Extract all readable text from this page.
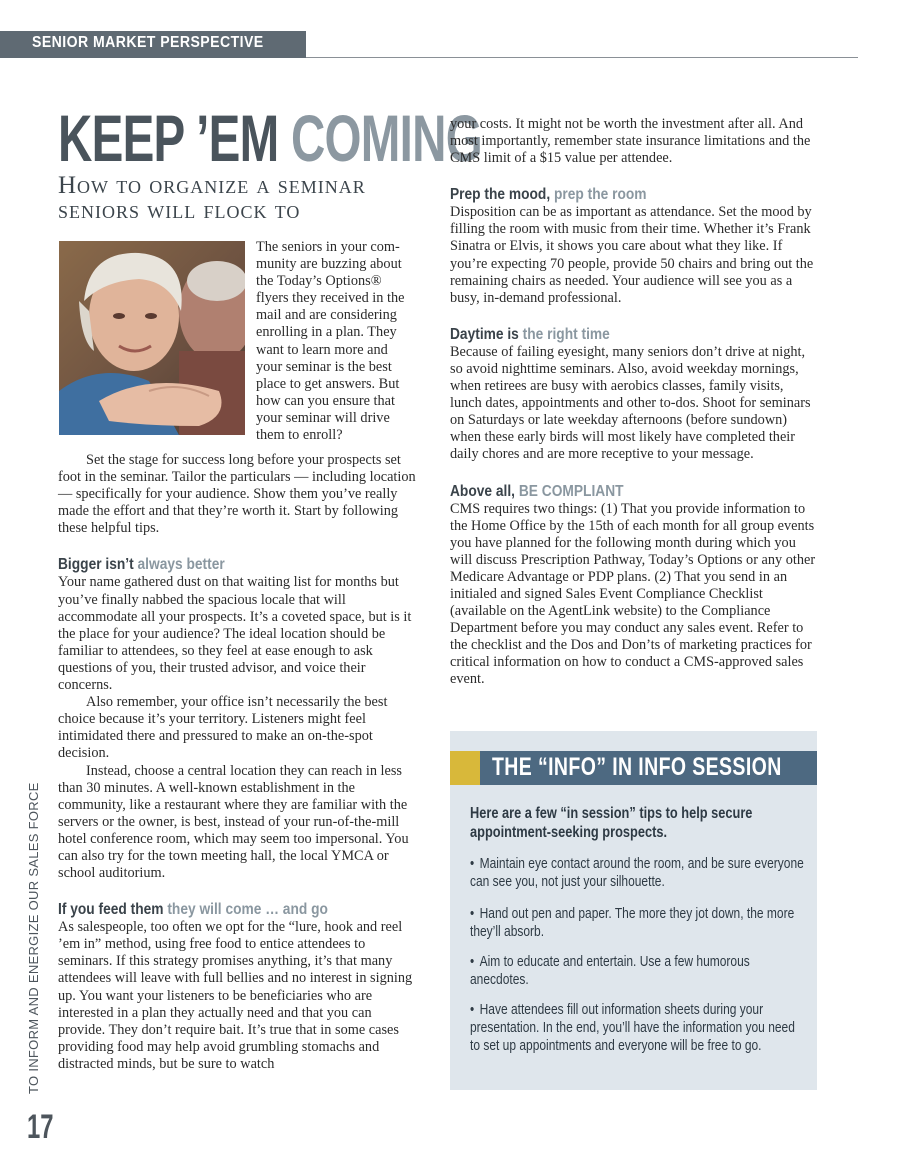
SENIOR MARKET PERSPECTIVE
KEEP ’EM COMING
How to organize a seminar seniors will flock to
The seniors in your com-
munity are buzzing about
the Today’s Options®
flyers they received in the
mail and are considering
enrolling in a plan. They
want to learn more and
your seminar is the best
place to get answers. But
how can you ensure that
your seminar will drive
them to enroll?

Set the stage for success long before your prospects set foot in the seminar. Tailor the particulars — including location — specifically for your audience. Show them you’ve really made the effort and that they’re worth it. Start by following these helpful tips.

Bigger isn’t always better

Your name gathered dust on that waiting list for months but you’ve finally nabbed the spacious locale that will accommodate all your prospects. It’s a coveted space, but is it the place for your audience? The ideal location should be familiar to attendees, so they feel at ease enough to ask questions of you, their trusted advisor, and voice their concerns.

Also remember, your office isn’t necessarily the best choice because it’s your territory. Listeners might feel intimidated there and pressured to make an on-the-spot decision.

Instead, choose a central location they can reach in less than 30 minutes. A well-known establishment in the community, like a restaurant where they are familiar with the servers or the owner, is best, instead of your run-of-the-mill hotel conference room, which may seem too impersonal. You can also try for the town meeting hall, the local YMCA or school auditorium.

If you feed them they will come … and go

As salespeople, too often we opt for the “lure, hook and reel ’em in” method, using free food to entice attendees to seminars. If this strategy promises anything, it’s that many attendees will leave with full bellies and no interest in signing up. You want your listeners to be beneficiaries who are interested in a plan they actually need and that you can provide. They don’t require bait. It’s true that in some cases providing food may help avoid grumbling stomachs and distracted minds, but be sure to watch

your costs. It might not be worth the investment after all. And most importantly, remember state insurance limitations and the CMS limit of a $15 value per attendee.

Prep the mood, prep the room

Disposition can be as important as attendance. Set the mood by filling the room with music from their time. Whether it’s Frank Sinatra or Elvis, it shows you care about what they like. If you’re expecting 70 people, provide 50 chairs and bring out the remaining chairs as needed. Your audience will see you as a busy, in-demand professional.

Daytime is the right time

Because of failing eyesight, many seniors don’t drive at night, so avoid nighttime seminars. Also, avoid weekday mornings, when retirees are busy with aerobics classes, family visits, lunch dates, appointments and other to-dos. Shoot for seminars on Saturdays or late weekday afternoons (before sundown) when these early birds will most likely have completed their daily chores and are more receptive to your message.

Above all, BE COMPLIANT

CMS requires two things: (1) That you provide information to the Home Office by the 15th of each month for all group events you have planned for the following month during which you will discuss Prescription Pathway, Today’s Options or any other Medicare Advantage or PDP plans. (2) That you send in an initialed and signed Sales Event Compliance Checklist (available on the AgentLink website) to the Compliance Department before you may conduct any sales event. Refer to the checklist and the Dos and Don’ts of marketing practices for critical information on how to conduct a CMS-approved sales event.

THE “INFO” IN INFO SESSION
Here are a few “in session” tips to help secure appointment-seeking prospects.
• Maintain eye contact around the room, and be sure everyone can see you, not just your silhouette.
• Hand out pen and paper. The more they jot down, the more they’ll absorb.
• Aim to educate and entertain. Use a few humorous anecdotes.
• Have attendees fill out information sheets during your presentation. In the end, you’ll have the information you need to set up appointments and everyone will be free to go.
TO INFORM AND ENERGIZE OUR SALES FORCE
17
